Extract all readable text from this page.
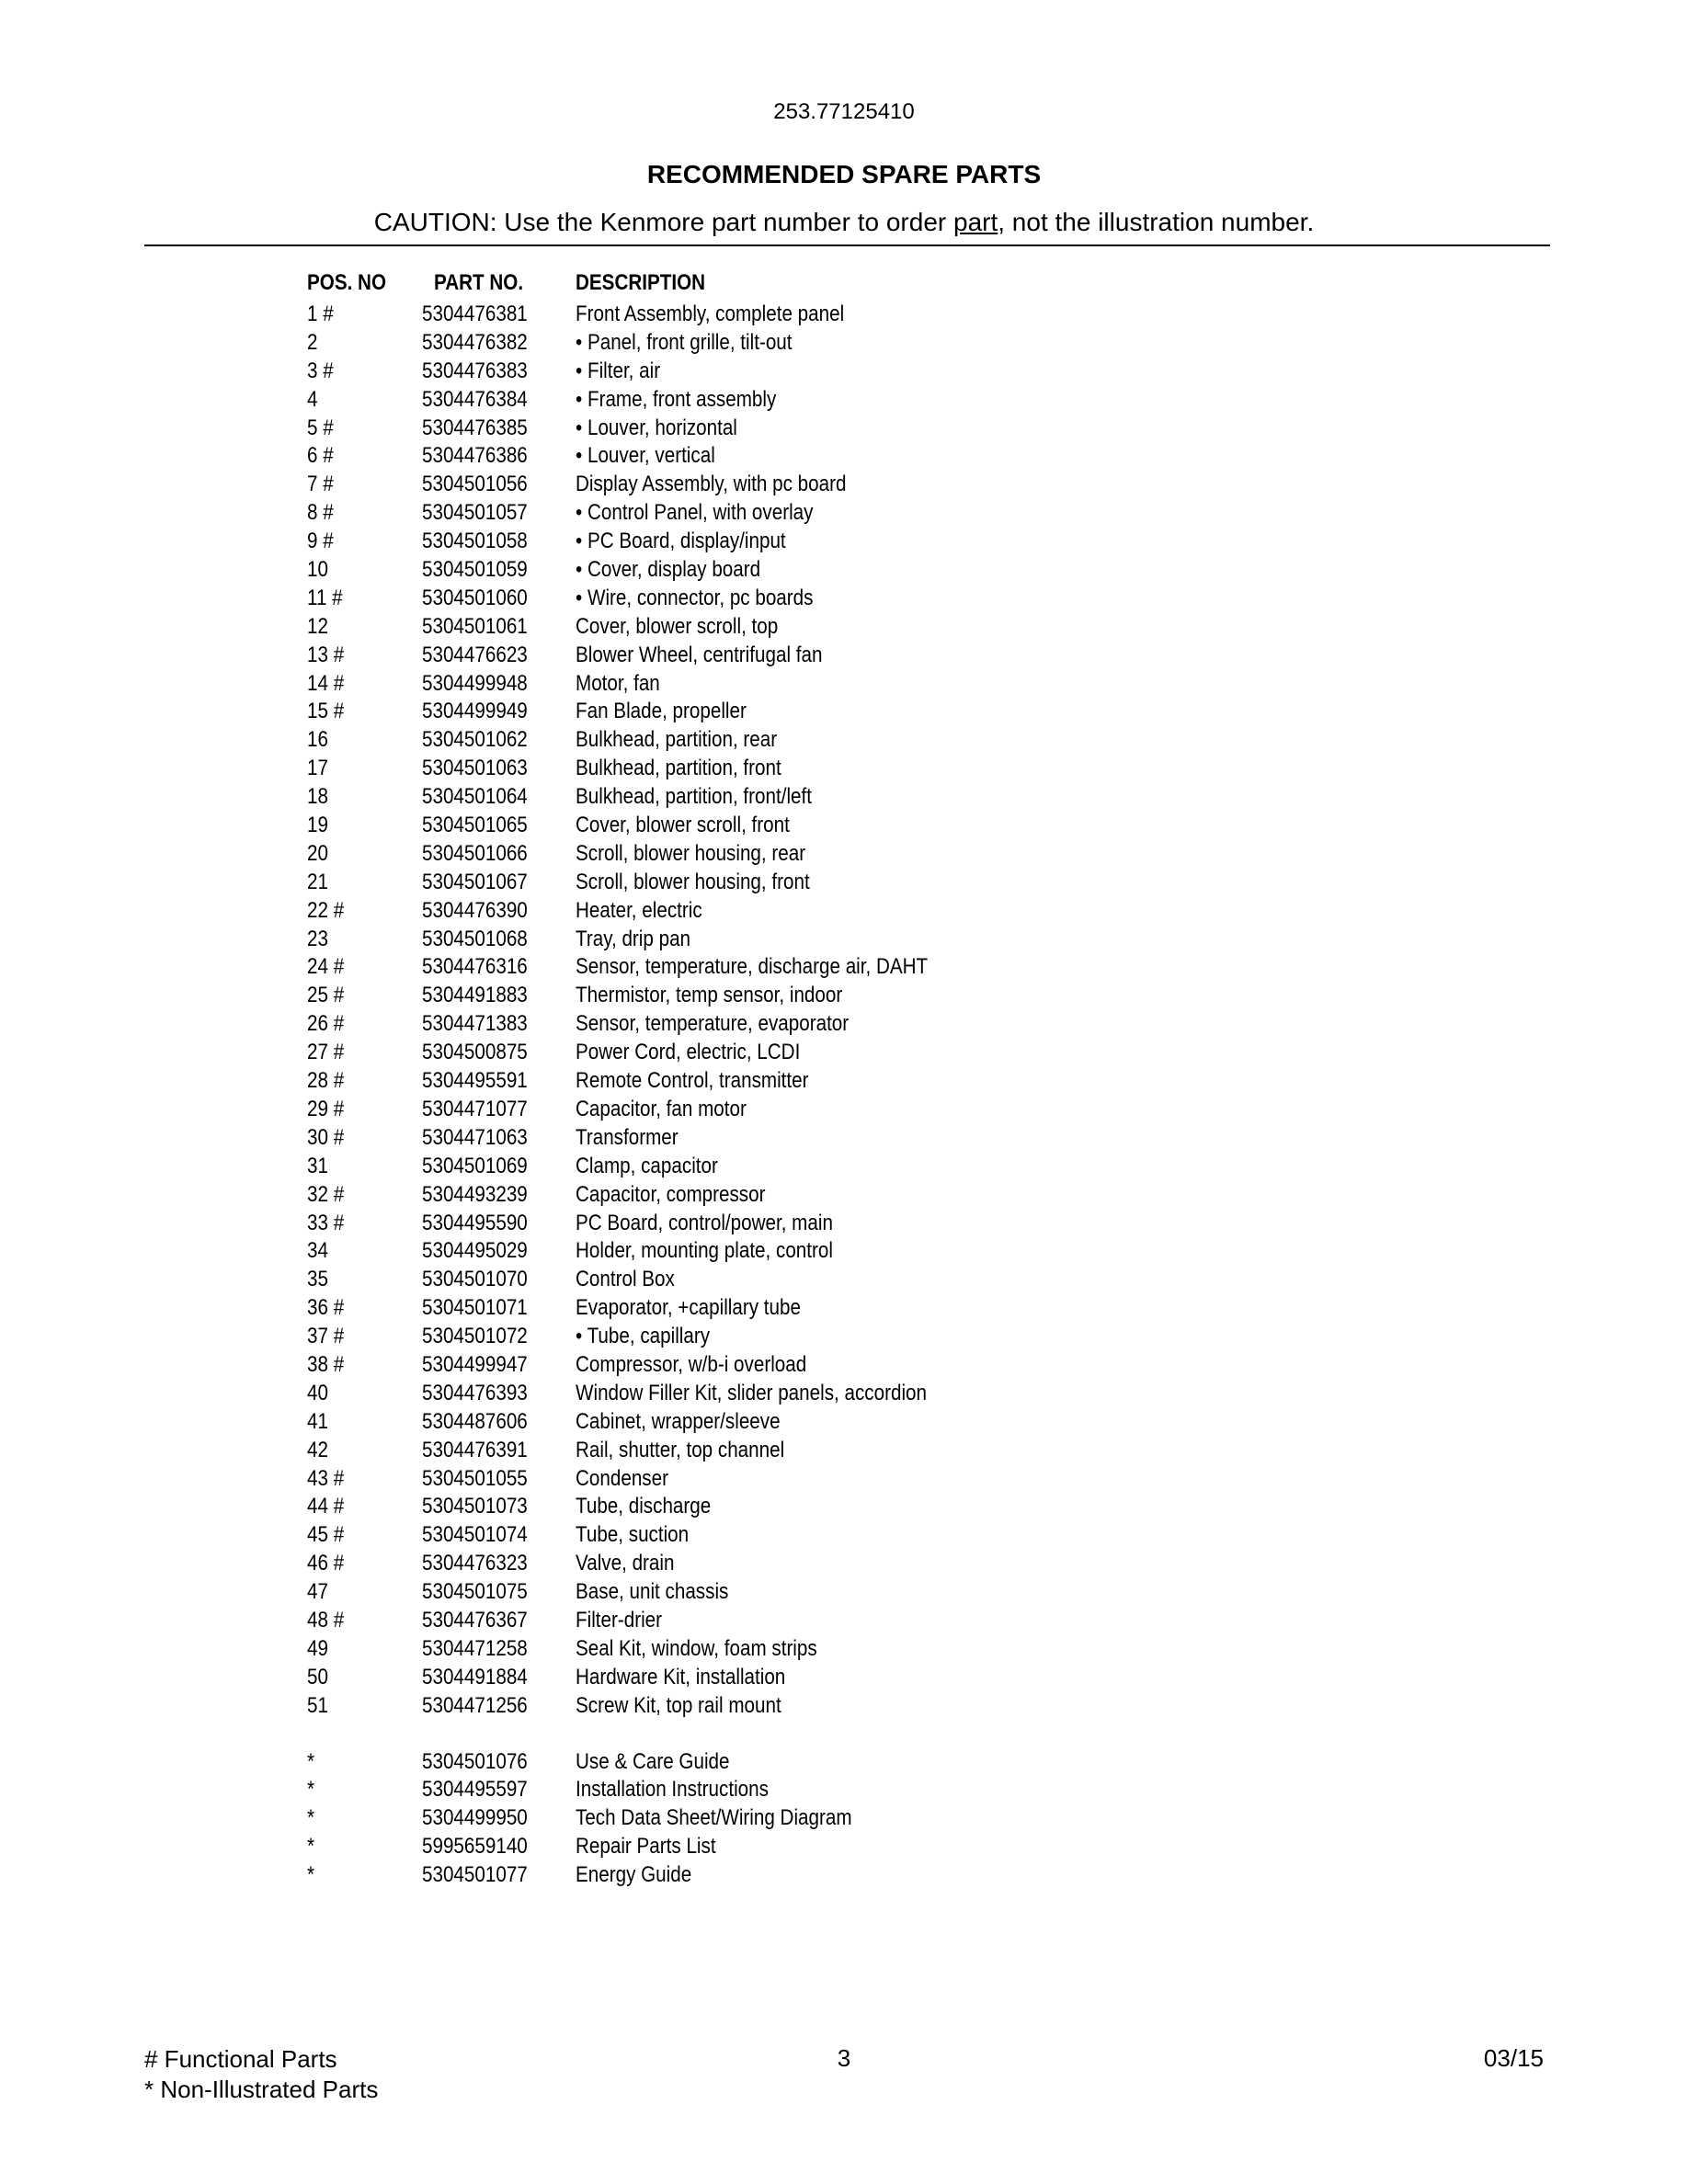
253.77125410
RECOMMENDED SPARE PARTS
CAUTION: Use the Kenmore part number to order part, not the illustration number.
POS. NO PART NO. DESCRIPTION
1 #	5304476381 Front Assembly, complete panel
2	5304476382 • Panel, front grille, tilt-out
3 #	5304476383 • Filter, air
4	5304476384 • Frame, front assembly
5 #	5304476385 • Louver, horizontal
6 #	5304476386 • Louver, vertical
7 #	5304501056 Display Assembly, with pc board
8 #	5304501057 • Control Panel, with overlay
9 #	5304501058 • PC Board, display/input
10	5304501059 • Cover, display board
11 #	5304501060 • Wire, connector, pc boards
12	5304501061 Cover, blower scroll, top
13 #	5304476623 Blower Wheel, centrifugal fan
14 #	5304499948 Motor, fan
15 #	5304499949 Fan Blade, propeller
16	5304501062 Bulkhead, partition, rear
17	5304501063 Bulkhead, partition, front
18	5304501064 Bulkhead, partition, front/left
19	5304501065 Cover, blower scroll, front
20	5304501066 Scroll, blower housing, rear
21	5304501067 Scroll, blower housing, front
22 #	5304476390 Heater, electric
23	5304501068 Tray, drip pan
24 #	5304476316 Sensor, temperature, discharge air, DAHT
25 #	5304491883 Thermistor, temp sensor, indoor
26 #	5304471383 Sensor, temperature, evaporator
27 #	5304500875 Power Cord, electric, LCDI
28 #	5304495591 Remote Control, transmitter
29 #	5304471077 Capacitor, fan motor
30 #	5304471063 Transformer
31	5304501069 Clamp, capacitor
32 #	5304493239 Capacitor, compressor
33 #	5304495590 PC Board, control/power, main
34	5304495029 Holder, mounting plate, control
35	5304501070 Control Box
36 #	5304501071 Evaporator, +capillary tube
37 #	5304501072 • Tube, capillary
38 #	5304499947 Compressor, w/b-i overload
40	5304476393 Window Filler Kit, slider panels, accordion
41	5304487606 Cabinet, wrapper/sleeve
42	5304476391 Rail, shutter, top channel
43 #	5304501055 Condenser
44 #	5304501073 Tube, discharge
45 #	5304501074 Tube, suction
46 #	5304476323 Valve, drain
47	5304501075 Base, unit chassis
48 #	5304476367 Filter-drier
49	5304471258 Seal Kit, window, foam strips
50	5304491884 Hardware Kit, installation
51	5304471256 Screw Kit, top rail mount
*	5304501076 Use & Care Guide
*	5304495597 Installation Instructions
*	5304499950 Tech Data Sheet/Wiring Diagram
*	5995659140 Repair Parts List
*	5304501077 Energy Guide
# Functional Parts
* Non-Illustrated Parts
3	03/15
